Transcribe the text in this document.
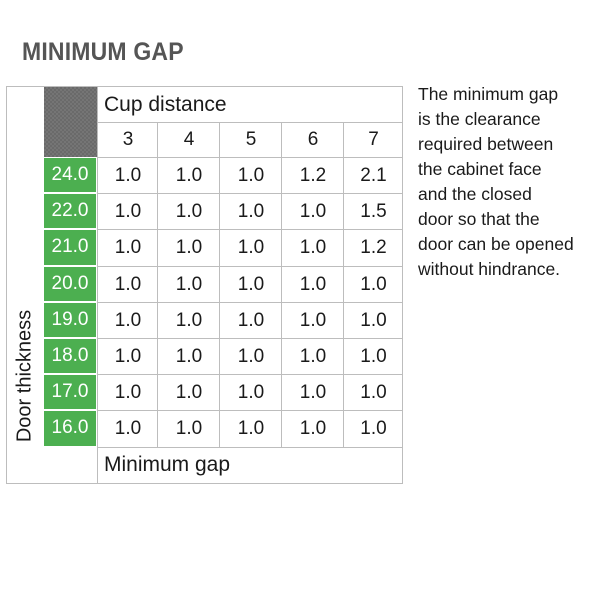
MINIMUM GAP
The minimum gap
is the clearance
required between
the cabinet face
and the closed
door so that the
door can be opened
without hindrance.
Cup distance
Door thickness
3	4	5	6	7
24.0	1.0	1.0	1.0	1.2	2.1
22.0	1.0	1.0	1.0	1.0	1.5
21.0	1.0	1.0	1.0	1.0	1.2
20.0	1.0	1.0	1.0	1.0	1.0
19.0	1.0	1.0	1.0	1.0	1.0
18.0	1.0	1.0	1.0	1.0	1.0
17.0	1.0	1.0	1.0	1.0	1.0
16.0	1.0	1.0	1.0	1.0	1.0
Minimum gap
